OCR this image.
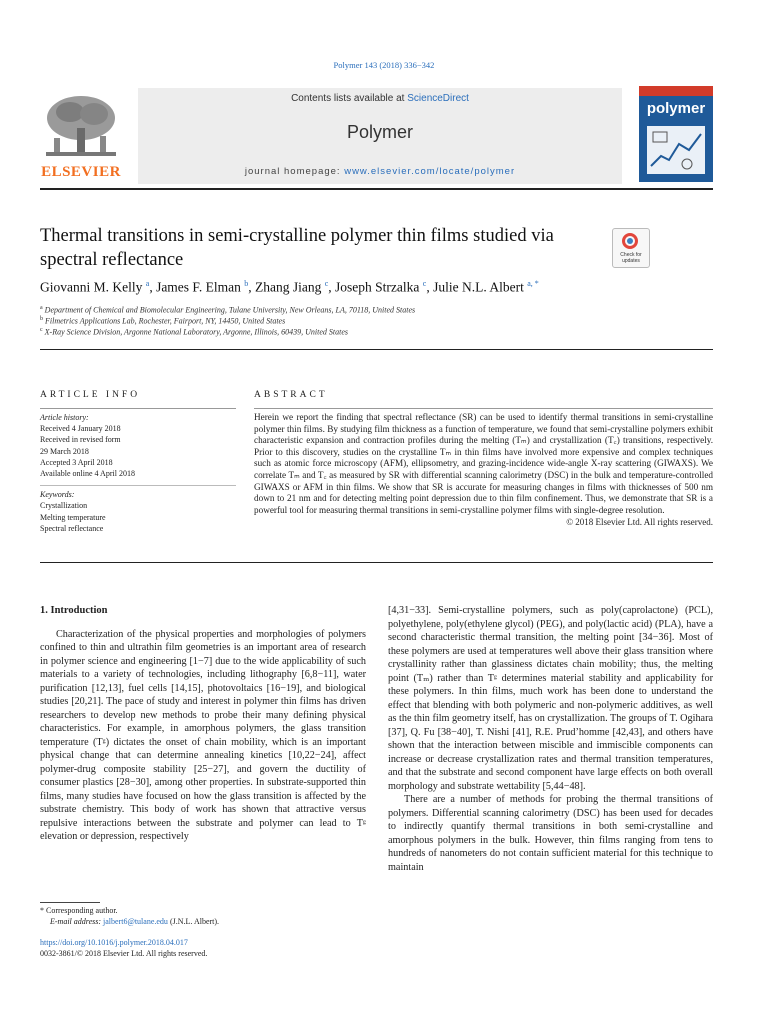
Polymer 143 (2018) 336−342
ELSEVIER
Contents lists available at ScienceDirect
Polymer
journal homepage: www.elsevier.com/locate/polymer
polymer
Thermal transitions in semi-crystalline polymer thin films studied via spectral reflectance	Check for updates
Giovanni M. Kelly $^a$, James F. Elman $^b$, Zhang Jiang $^c$, Joseph Strzalka $^c$, Julie N.L. Albert $^{a, *}$
$^a$ Department of Chemical and Biomolecular Engineering, Tulane University, New Orleans, LA, 70118, United States
$^b$ Filmetrics Applications Lab, Rochester, Fairport, NY, 14450, United States
$^c$ X-Ray Science Division, Argonne National Laboratory, Argonne, Illinois, 60439, United States
ARTICLE INFO
Article history:
Received 4 January 2018
Received in revised form
29 March 2018
Accepted 3 April 2018
Available online 4 April 2018
Keywords:
Crystallization
Melting temperature
Spectral reflectance
ABSTRACT
Herein we report the finding that spectral reflectance (SR) can be used to identify thermal transitions in semi-crystalline polymer thin films. By studying film thickness as a function of temperature, we found that semi-crystalline polymers exhibit characteristic expansion and contraction profiles during the melting (Tₘ) and crystallization (T꜀) transitions, respectively. Prior to this discovery, studies on the crystalline Tₘ in thin films have involved more expensive and complex techniques such as atomic force microscopy (AFM), ellipsometry, and grazing-incidence wide-angle X-ray scattering (GIWAXS). We correlate Tₘ and T꜀ as measured by SR with differential scanning calorimetry (DSC) in the bulk and temperature-controlled GIWAXS or AFM in thin films. We show that SR is accurate for measuring changes in films with thicknesses of 500 nm down to 21 nm and for detecting melting point depression due to thin film confinement. Thus, we demonstrate that SR is a powerful tool for measuring thermal transitions in semi-crystalline polymer films with single-degree resolution.
© 2018 Elsevier Ltd. All rights reserved.
1. Introduction

Characterization of the physical properties and morphologies of polymers confined to thin and ultrathin film geometries is an important area of research in polymer science and engineering [1−7] due to the wide applicability of such materials to a variety of technologies, including lithography [6,8−11], water purification [12,13], fuel cells [14,15], photovoltaics [16−19], and biological studies [20,21]. The pace of study and interest in polymer thin films has driven researchers to develop new methods to probe their many defining physical characteristics. For example, in amorphous polymers, the glass transition temperature (Tᵍ) dictates the onset of chain mobility, which is an important physical change that can determine annealing kinetics [10,22−24], affect polymer-drug composite stability [25−27], and govern the ductility of consumer plastics [28−30], among other properties. In substrate-supported thin films, many studies have focused on how the glass transition is affected by the substrate chemistry. This body of work has shown that attractive versus repulsive interactions between the substrate and polymer can lead to Tᵍ elevation or depression, respectively

[4,31−33]. Semi-crystalline polymers, such as poly(caprolactone) (PCL), polyethylene, poly(ethylene glycol) (PEG), and poly(lactic acid) (PLA), have a second characteristic thermal transition, the melting point [34−36]. Most of these polymers are used at temperatures well above their glass transition where crystallinity rather than glassiness dictates chain mobility; thus, the melting point (Tₘ) rather than Tᵍ determines material stability and applicability for these polymers. In thin films, much work has been done to understand the effect that blending with both polymeric and non-polymeric additives, as well as the thin film geometry itself, has on crystallization. The groups of T. Ogihara [37], Q. Fu [38−40], T. Nishi [41], R.E. Prud’homme [42,43], and others have shown that the interaction between miscible and immiscible components can increase or decrease crystallization rates and thermal transition temperatures, and that the substrate and second component have large effects on both overall morphology and substrate wettability [5,44−48].

There are a number of methods for probing the thermal transitions of polymers. Differential scanning calorimetry (DSC) has been used for decades to indirectly quantify thermal transitions in both semi-crystalline and amorphous polymers in the bulk. However, thin films ranging from tens to hundreds of nanometers do not contain sufficient material for this technique to maintain

* Corresponding author.
E-mail address: jalbert6@tulane.edu (J.N.L. Albert).
https://doi.org/10.1016/j.polymer.2018.04.017
0032-3861/© 2018 Elsevier Ltd. All rights reserved.
